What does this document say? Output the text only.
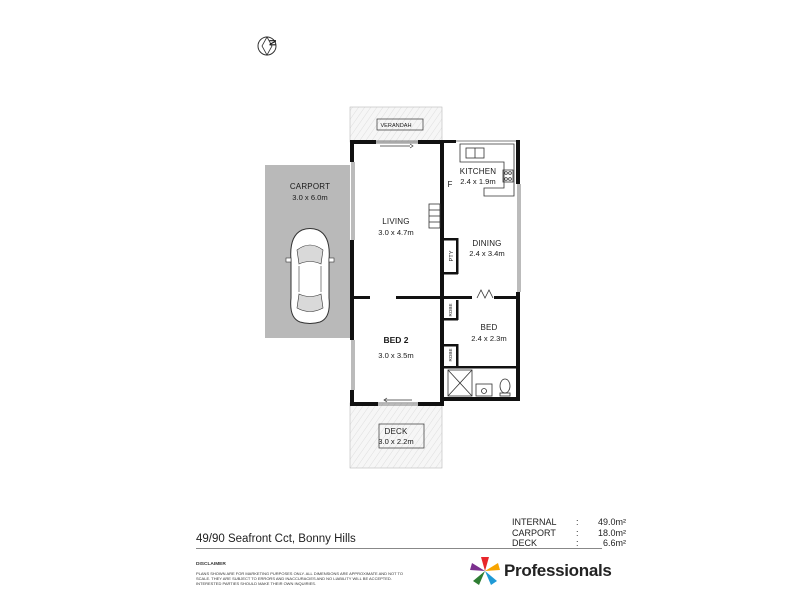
N
VERANDAH
CARPORT
3.0 x 6.0m
LIVING
3.0 x 4.7m
KITCHEN
2.4 x 1.9m
F
DINING
2.4 x 3.4m
PTY
BED 2
3.0 x 3.5m
BED
2.4 x 2.3m
ROBE
ROBE
DECK
3.0 x 2.2m
49/90 Seafront Cct, Bonny Hills
DISCLAIMER
PLANS SHOWN ARE FOR MARKETING PURPOSES ONLY. ALL DIMENSIONS ARE APPROXIMATE AND NOT TO SCALE. THEY ARE SUBJECT TO ERRORS AND INACCURACIES AND NO LIABILITY WILL BE ACCEPTED. INTERESTED PARTIES SHOULD MAKE THEIR OWN INQUIRIES.
INTERNAL	:	49.0m²
CARPORT	:	18.0m²
DECK	:	6.6m²
Professionals
